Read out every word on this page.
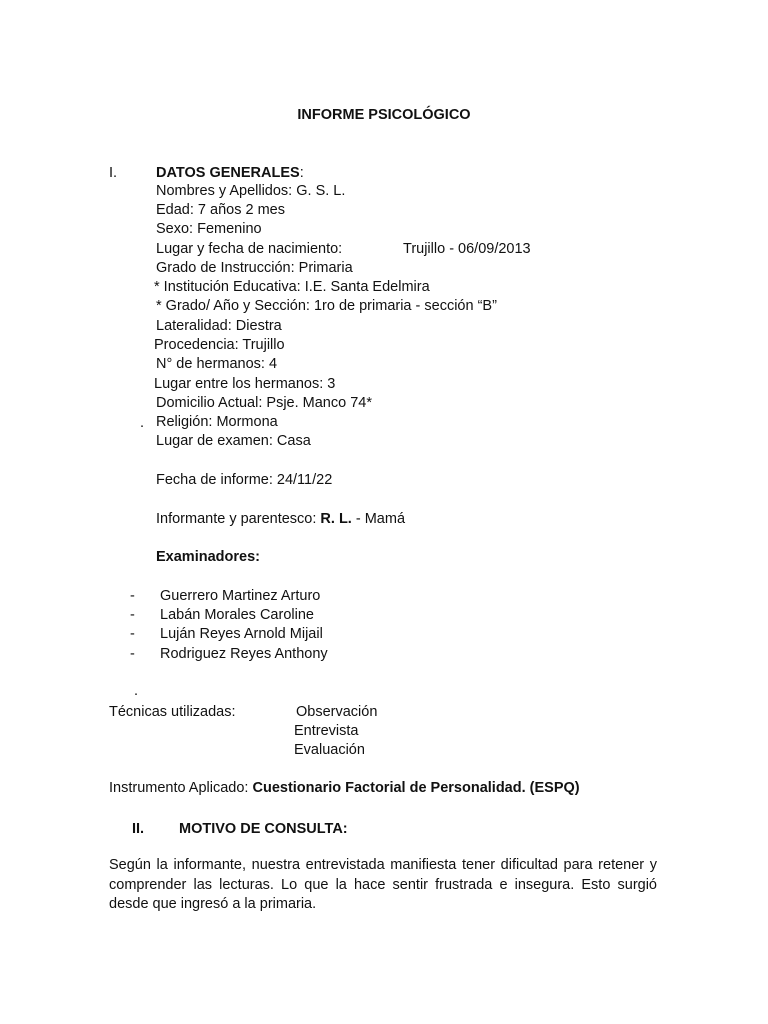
INFORME PSICOLÓGICO
I.	DATOS GENERALES:
Nombres y Apellidos: G. S. L.
Edad: 7 años 2 mes
Sexo: Femenino
Lugar y fecha de nacimiento:	Trujillo - 06/09/2013
Grado de Instrucción: Primaria
* Institución Educativa: I.E. Santa Edelmira
* Grado/ Año y Sección: 1ro de primaria - sección “B”
Lateralidad: Diestra
Procedencia: Trujillo
N° de hermanos: 4
Lugar entre los hermanos: 3
Domicilio Actual: Psje. Manco 74*
. Religión: Mormona
Lugar de examen: Casa
Fecha de informe: 24/11/22
Informante y parentesco: R. L. - Mamá
Examinadores:
- Guerrero Martinez Arturo
- Labán Morales Caroline
- Luján Reyes Arnold Mijail
- Rodriguez Reyes Anthony
.
Técnicas utilizadas:	Observación
Entrevista
Evaluación
Instrumento Aplicado: Cuestionario Factorial de Personalidad. (ESPQ)
II. MOTIVO DE CONSULTA:
Según la informante, nuestra entrevistada manifiesta tener dificultad para retener y comprender las lecturas. Lo que la hace sentir frustrada e insegura. Esto surgió desde que ingresó a la primaria.
